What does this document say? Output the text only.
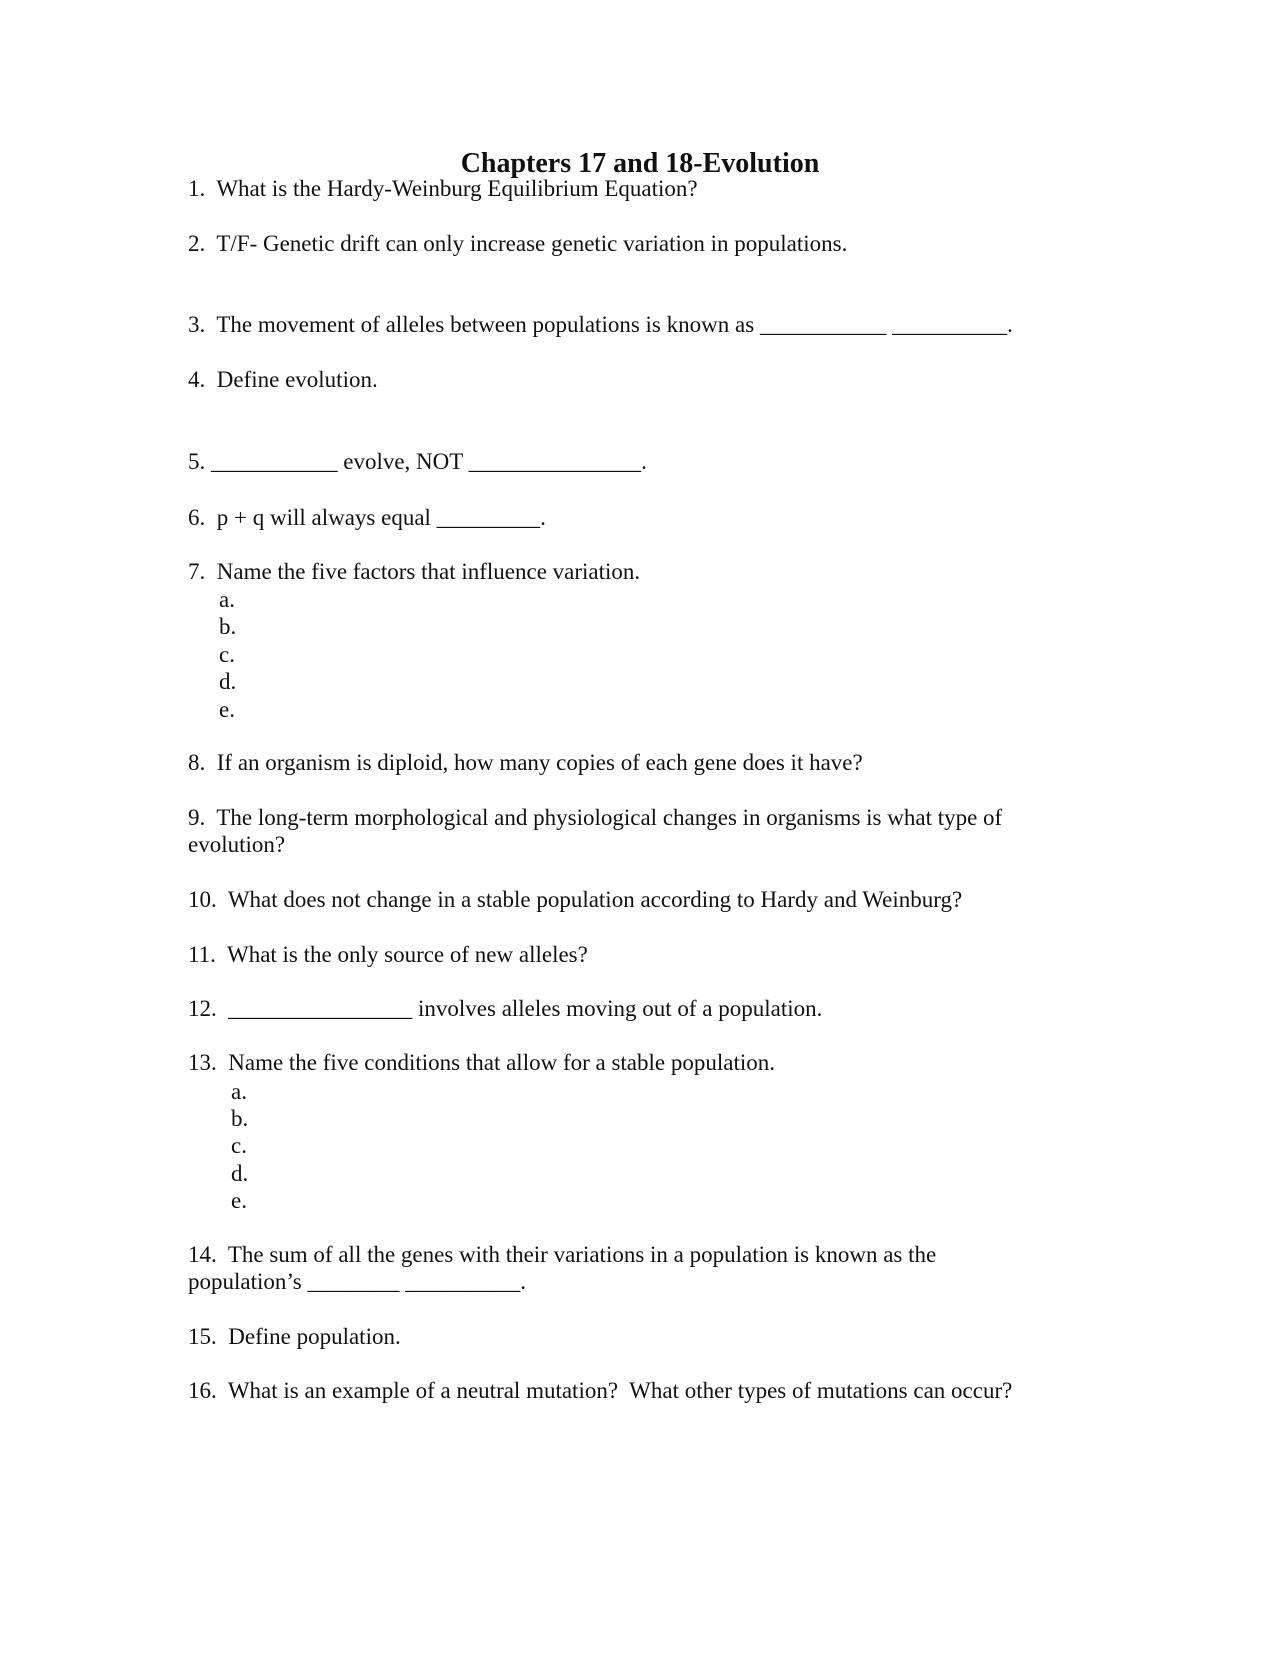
Chapters 17 and 18-Evolution
1.  What is the Hardy-Weinburg Equilibrium Equation?
2.  T/F- Genetic drift can only increase genetic variation in populations.
3.  The movement of alleles between populations is known as ___________ __________.
4.  Define evolution.
5. ___________ evolve, NOT _______________.
6.  p + q will always equal _________.
7.  Name the five factors that influence variation.
a.
b.
c.
d.
e.
8.  If an organism is diploid, how many copies of each gene does it have?
9.  The long-term morphological and physiological changes in organisms is what type of
evolution?
10.  What does not change in a stable population according to Hardy and Weinburg?
11.  What is the only source of new alleles?
12.  ________________ involves alleles moving out of a population.
13.  Name the five conditions that allow for a stable population.
a.
b.
c.
d.
e.
14.  The sum of all the genes with their variations in a population is known as the
population’s ________ __________.
15.  Define population.
16.  What is an example of a neutral mutation?  What other types of mutations can occur?
